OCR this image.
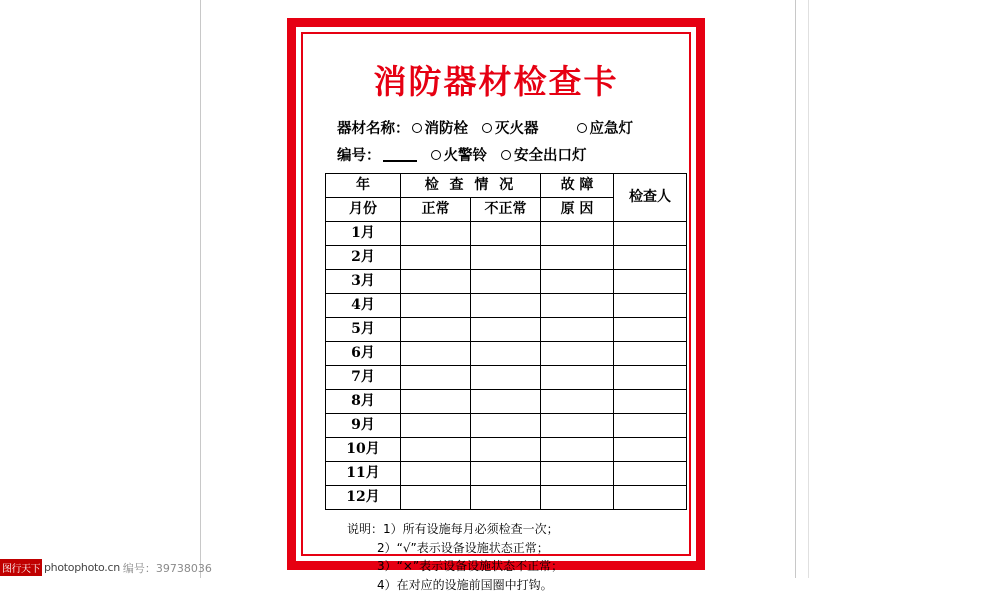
消防器材检查卡
器材名称： 消防栓 灭火器	应急灯
编号：	火警铃 安全出口灯
年	检 查 情 况		故 障	检查人
月份	正常	不正常	原 因	
1月				
2月				
3月				
4月				
5月				
6月				
7月				
8月				
9月				
10月				
11月				
12月				
说明：1）所有设施每月必须检查一次；
2）“√”表示设备设施状态正常；
3）“×”表示设备设施状态不正常；
4）在对应的设施前国圈中打钩。
图行天下 photophoto.cn 编号：39738036
